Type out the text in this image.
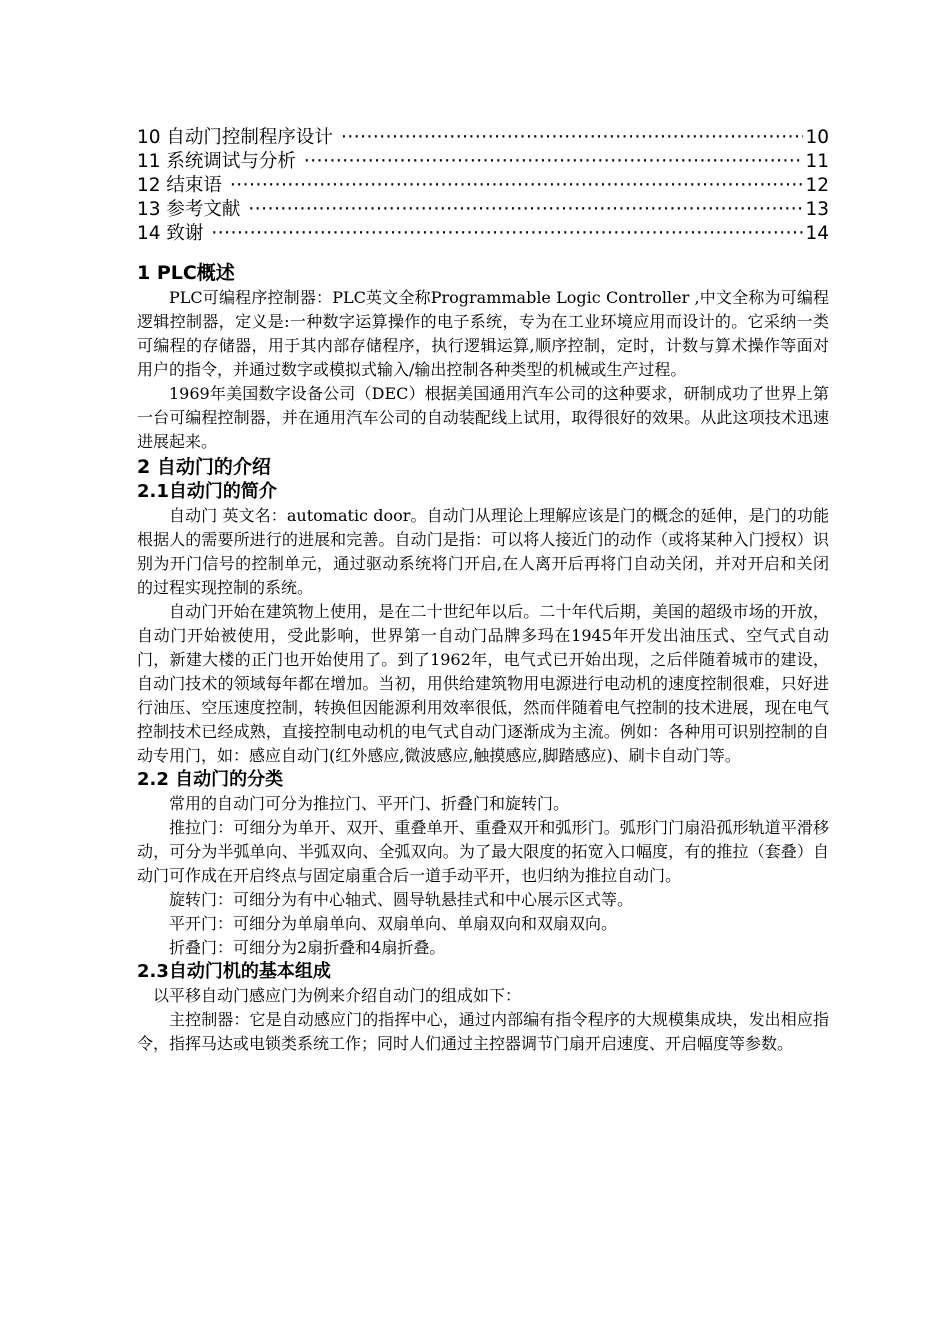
10 自动门控制程序设计 ·····	10
11 系统调试与分析 ·····	11
12 结束语 ·····	12
13 参考文献 ·····	13
14 致谢 ·····	14
1 PLC概述

PLC可编程序控制器：PLC英文全称Programmable Logic Controller ,中文全称为可编程逻辑控制器，定义是:一种数字运算操作的电子系统，专为在工业环境应用而设计的。它采纳一类可编程的存储器，用于其内部存储程序，执行逻辑运算,顺序控制，定时，计数与算术操作等面对用户的指令，并通过数字或模拟式输入/输出控制各种类型的机械或生产过程。

1969年美国数字设备公司（DEC）根据美国通用汽车公司的这种要求，研制成功了世界上第一台可编程控制器，并在通用汽车公司的自动装配线上试用，取得很好的效果。从此这项技术迅速进展起来。

2 自动门的介绍
2.1自动门的简介

自动门 英文名：automatic door。自动门从理论上理解应该是门的概念的延伸，是门的功能根据人的需要所进行的进展和完善。自动门是指：可以将人接近门的动作（或将某种入门授权）识别为开门信号的控制单元，通过驱动系统将门开启,在人离开后再将门自动关闭，并对开启和关闭的过程实现控制的系统。

自动门开始在建筑物上使用，是在二十世纪年以后。二十年代后期，美国的超级市场的开放，自动门开始被使用，受此影响，世界第一自动门品牌多玛在1945年开发出油压式、空气式自动门，新建大楼的正门也开始使用了。到了1962年，电气式已开始出现，之后伴随着城市的建设，自动门技术的领域每年都在增加。当初，用供给建筑物用电源进行电动机的速度控制很难，只好进行油压、空压速度控制，转换但因能源利用效率很低，然而伴随着电气控制的技术进展，现在电气控制技术已经成熟，直接控制电动机的电气式自动门逐渐成为主流。例如：各种用可识别控制的自动专用门，如：感应自动门(红外感应,微波感应,触摸感应,脚踏感应)、刷卡自动门等。

2.2 自动门的分类

常用的自动门可分为推拉门、平开门、折叠门和旋转门。

推拉门：可细分为单开、双开、重叠单开、重叠双开和弧形门。弧形门门扇沿孤形轨道平滑移动，可分为半弧单向、半弧双向、全弧双向。为了最大限度的拓宽入口幅度，有的推拉（套叠）自动门可作成在开启终点与固定扇重合后一道手动平开，也归纳为推拉自动门。

旋转门：可细分为有中心轴式、圆导轨悬挂式和中心展示区式等。

平开门：可细分为单扇单向、双扇单向、单扇双向和双扇双向。

折叠门：可细分为2扇折叠和4扇折叠。

2.3自动门机的基本组成

以平移自动门感应门为例来介绍自动门的组成如下：

主控制器：它是自动感应门的指挥中心，通过内部编有指令程序的大规模集成块，发出相应指令，指挥马达或电锁类系统工作；同时人们通过主控器调节门扇开启速度、开启幅度等参数。
